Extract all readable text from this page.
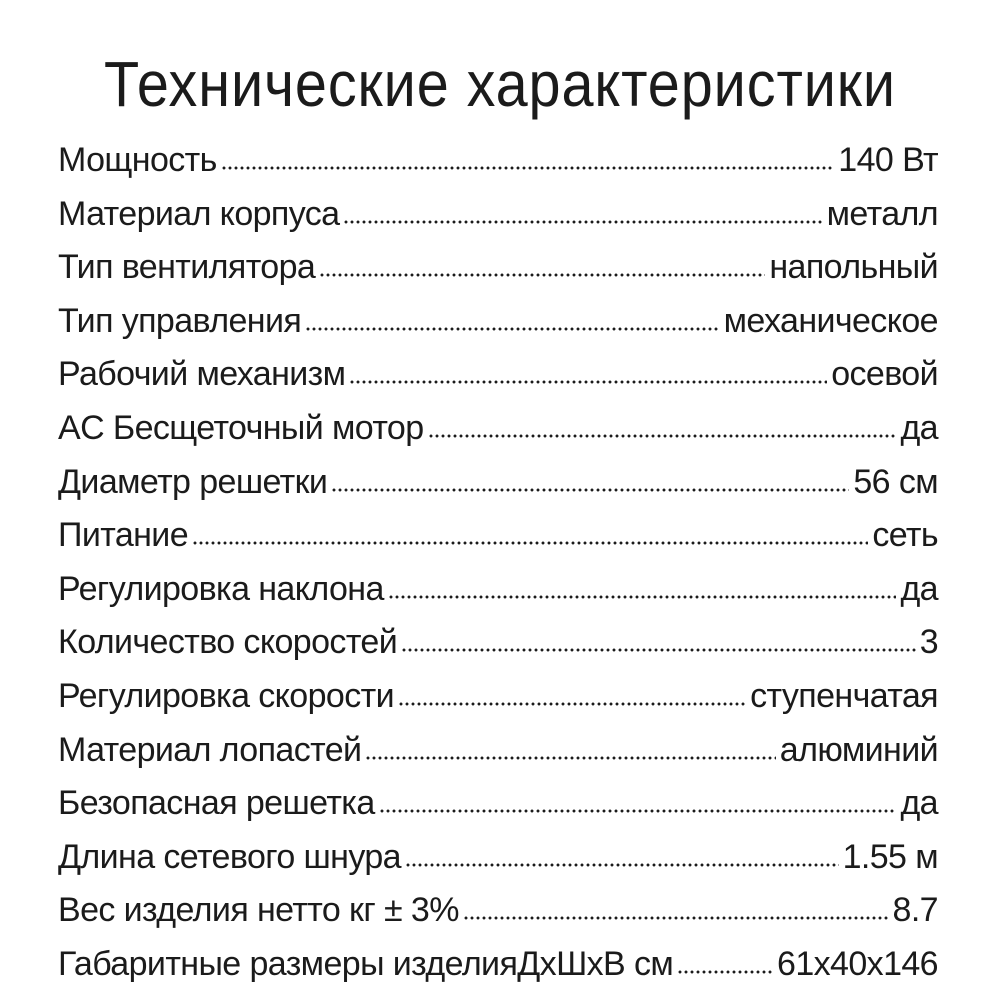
Технические характеристики
Мощность	140 Вт
Материал корпуса	металл
Тип вентилятора	напольный
Тип управления	механическое
Рабочий механизм	осевой
AC Бесщеточный мотор	да
Диаметр решетки	56 см
Питание	сеть
Регулировка наклона	да
Количество скоростей	3
Регулировка скорости	ступенчатая
Материал лопастей	алюминий
Безопасная решетка	да
Длина сетевого шнура	1.55 м
Вес изделия нетто кг ± 3%	8.7
Габаритные размеры изделияДхШхВ см	61x40x146
